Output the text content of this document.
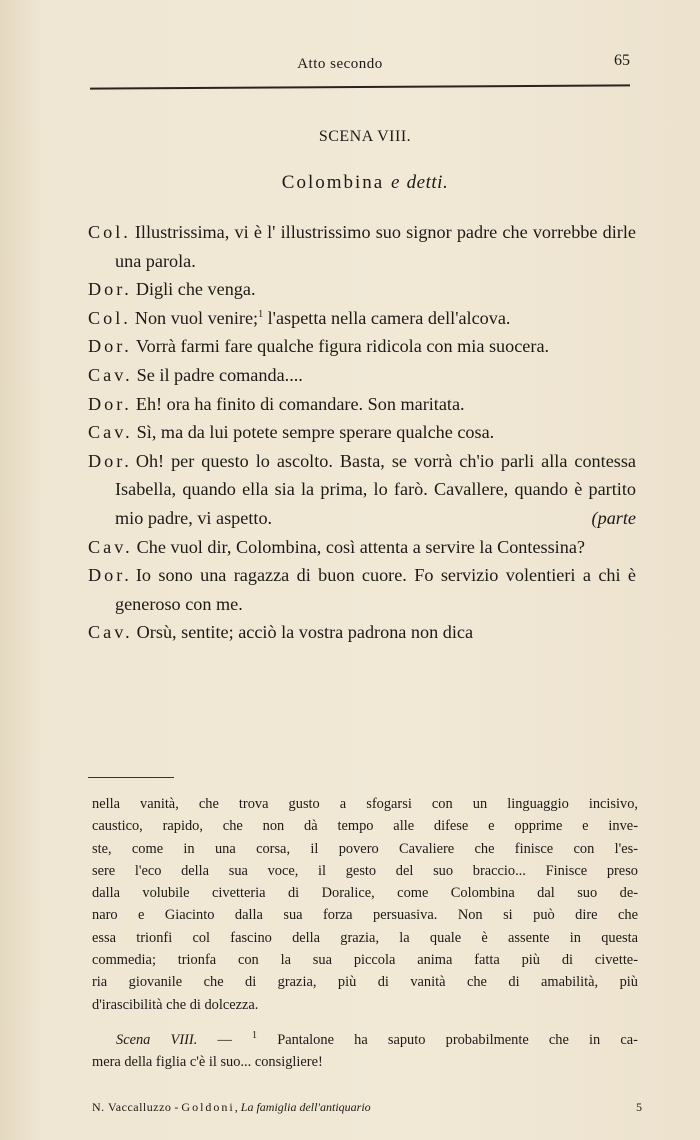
Atto secondo	65
SCENA VIII.
Colombina e detti.

Col. Illustrissima, vi è l' illustrissimo suo signor padre che vorrebbe dirle una parola.

Dor. Digli che venga.

Col. Non vuol venire;$^1$ l'aspetta nella camera dell'alcova.

Dor. Vorrà farmi fare qualche figura ridicola con mia suocera.

Cav. Se il padre comanda....

Dor. Eh! ora ha finito di comandare. Son maritata.

Cav. Sì, ma da lui potete sempre sperare qualche cosa.

Dor. Oh! per questo lo ascolto. Basta, se vorrà ch'io parli alla contessa Isabella, quando ella sia la prima, lo farò. Cavallere, quando è partito mio padre, vi aspetto.	(parte

Cav. Che vuol dir, Colombina, così attenta a servire la Contessina?

Dor. Io sono una ragazza di buon cuore. Fo servizio volentieri a chi è generoso con me.

Cav. Orsù, sentite; acciò la vostra padrona non dica

nella vanità, che trova gusto a sfogarsi con un linguaggio incisivo,
caustico, rapido, che non dà tempo alle difese e opprime e inve-
ste, come in una corsa, il povero Cavaliere che finisce con l'es-
sere l'eco della sua voce, il gesto del suo braccio... Finisce preso
dalla volubile civetteria di Doralice, come Colombina dal suo de-
naro e Giacinto dalla sua forza persuasiva. Non si può dire che
essa trionfi col fascino della grazia, la quale è assente in questa
commedia; trionfa con la sua piccola anima fatta più di civette-
ria giovanile che di grazia, più di vanità che di amabilità, più
d'irascibilità che di dolcezza.
Scena VIII. — $^1$ Pantalone ha saputo probabilmente che in ca-
mera della figlia c'è il suo... consigliere!
N. Vaccalluzzo - Goldoni, La famiglia dell'antiquario	5
